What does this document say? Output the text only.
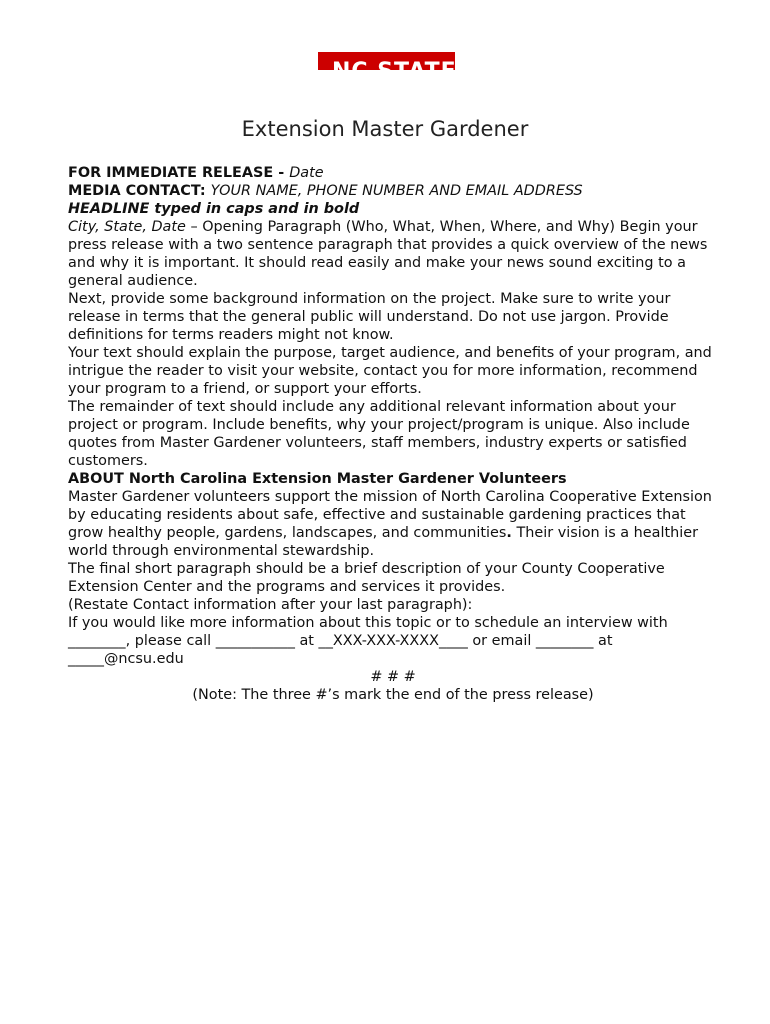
NC STATE
Extension Master Gardener

FOR IMMEDIATE RELEASE - Date

MEDIA CONTACT: YOUR NAME, PHONE NUMBER AND EMAIL ADDRESS

HEADLINE typed in caps and in bold

City, State, Date – Opening Paragraph (Who, What, When, Where, and Why) Begin your press release with a two sentence paragraph that provides a quick overview of the news and why it is important. It should read easily and make your news sound exciting to a general audience.

Next, provide some background information on the project. Make sure to write your release in terms that the general public will understand. Do not use jargon. Provide definitions for terms readers might not know.

Your text should explain the purpose, target audience, and benefits of your program, and intrigue the reader to visit your website, contact you for more information, recommend your program to a friend, or support your efforts.

The remainder of text should include any additional relevant information about your project or program. Include benefits, why your project/program is unique. Also include quotes from Master Gardener volunteers, staff members, industry experts or satisfied customers.

ABOUT North Carolina Extension Master Gardener Volunteers

Master Gardener volunteers support the mission of North Carolina Cooperative Extension by educating residents about safe, effective and sustainable gardening practices that grow healthy people, gardens, landscapes, and communities. Their vision is a healthier world through environmental stewardship.

The final short paragraph should be a brief description of your County Cooperative Extension Center and the programs and services it provides.

(Restate Contact information after your last paragraph):

If you would like more information about this topic or to schedule an interview with ________, please call ___________ at __XXX-XXX-XXXX____ or email ________ at _____@ncsu.edu

# # #

(Note: The three #’s mark the end of the press release)
